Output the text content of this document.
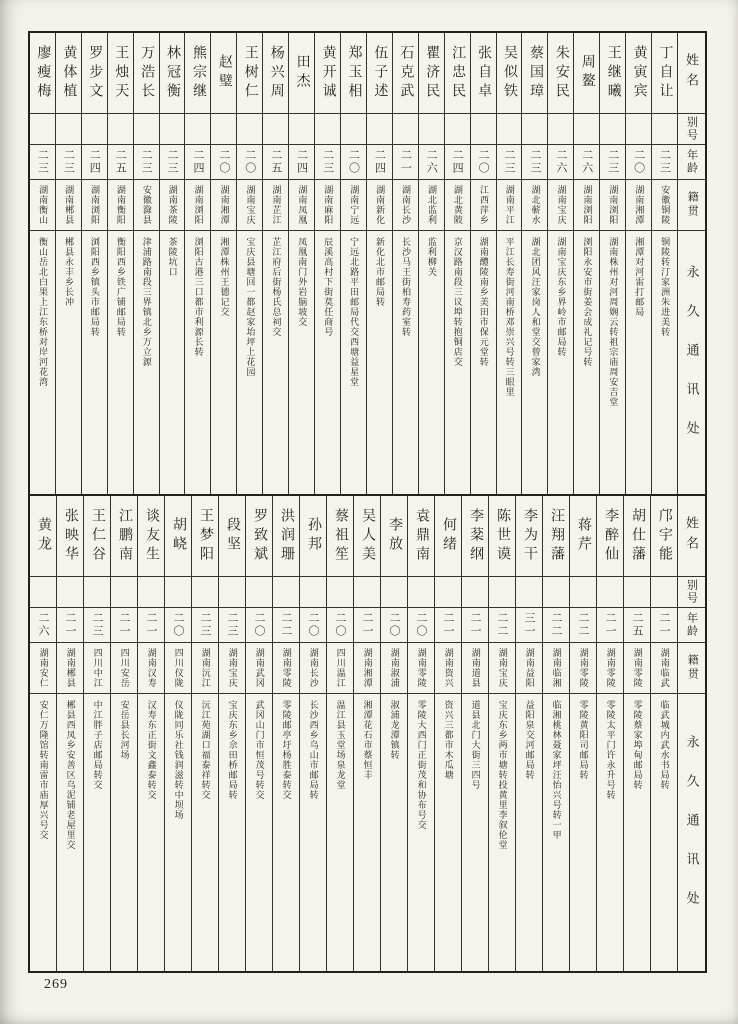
姓名
别号
年龄
籍贯
永久通讯处
丁自让
二三
安徽铜陵
铜陵转汀家洲朱进美转
黄寅宾
二〇
湖南湘潭
湘潭对河雷打邮局
王继曦
二三
湖南浏阳
湖南株州对河周娴云转祖宗庙周安吉堂
周鳌
二六
湖南浏阳
浏阳永安市街姜会成礼记号转
朱安民
二六
湖南宝庆
湖南宝庆东乡界岭市邮局转
蔡国璋
二三
湖北蕲水
湖北团风汪家岗人和堂交曾家湾
吴似铁
二三
湖南平江
平江长寿街河南桥邓崇兴号转三眼里
张自卓
二〇
江西萍乡
湖南醴陵南乡美田市保元堂转
江忠民
二四
湖北黄陂
京汉路南段三议埠转抱铜店交
瞿济民
二六
湖北监利
监利柳关
石克武
二一
湖南长沙
长沙马王街柏寿药室转
伍子述
二四
湖南新化
新化北市邮局转
郑玉相
二〇
湖南宁远
宁远北路平田邮局代交西塘益星堂
黄开诚
二三
湖南麻阳
辰溪高村下街莫任商号
田杰
二四
湖南凤凰
凤凰南门外岩脑坡交
杨兴周
二五
湖南芷江
芷江府后街杨氏总祠交
王树仁
二〇
湖南宝庆
宝庆县塘回一都赵家坮坪上花园
赵璧
二〇
湖南湘潭
湘潭株州王德记交
熊宗继
二四
湖南浏阳
浏阳古港三口都市利源长转
林冠衡
二三
湖南茶陵
茶陵坑口
万浩长
二三
安徽滁县
津浦路南段三界镇北乡万立源
王烛天
二五
湖南衡阳
衡阳西乡铁广铺邮局转
罗步文
二四
湖南浏阳
浏阳西乡镇头市邮局转
黄体植
二三
湖南郴县
郴县永丰乡长冲
廖瘦梅
二三
湖南衡山
衡山岳北白果上江东桥对岸河花湾
姓名
别号
年龄
籍贯
永久通讯处
邝宇能
二一
湖南临武
临武城内武水书局转
胡仕藩
二五
湖南零陵
零陵蔡家埠甸邮局转
李醉仙
二一
湖南零陵
零陵太平门许永升号转
蒋芹
二二
湖南零陵
零陵黄阳司邮局转
汪翔藩
二二
湖南临湘
临湘桃林聂家坪汪怡兴号转一甲
李为干
三一
湖南益阳
益阳泉交河邮局转
陈世谟
二二
湖南宝庆
宝庆东乡两市塘转投黄里李叙伦堂
李棻纲
二一
湖南道县
道县北门大街三四号
何绪
二一
湖南资兴
资兴三都市木瓜塘
袁鼎南
二〇
湖南零陵
零陵大西门正街茂和协布号交
李放
二〇
湖南淑浦
淑浦龙潭镇转
吴人美
二一
湖南湘潭
湘潭花石市蔡恒丰
蔡祖笙
二〇
四川温江
温江县玉堂场泉龙堂
孙邦
二〇
湖南长沙
长沙西乡乌山市邮局转
洪润珊
二二
湖南零陵
零陵邮亭圩杨胜泰转交
罗致斌
二〇
湖南武冈
武冈山门市恒茂号转交
段坚
二三
湖南宝庆
宝庆东乡佘田桥邮局转
王梦阳
二三
湖南沅江
沅江苑湖口福泰祥转交
胡峣
二〇
四川仪陇
仪陇同乐社钱润滋转中坝场
谈友生
二一
湖南汉寿
汉寿东正街文鑫泰转交
江鹏南
二一
四川安岳
安岳县长河场
王仁谷
二三
四川中江
中江胖子店邮局转交
张映华
二一
湖南郴县
郴县西凤乡安善区乌泥铺老屋里交
黄龙
二六
湖南安仁
安仁万隆馆转南雷市庙厚兴号交
269
